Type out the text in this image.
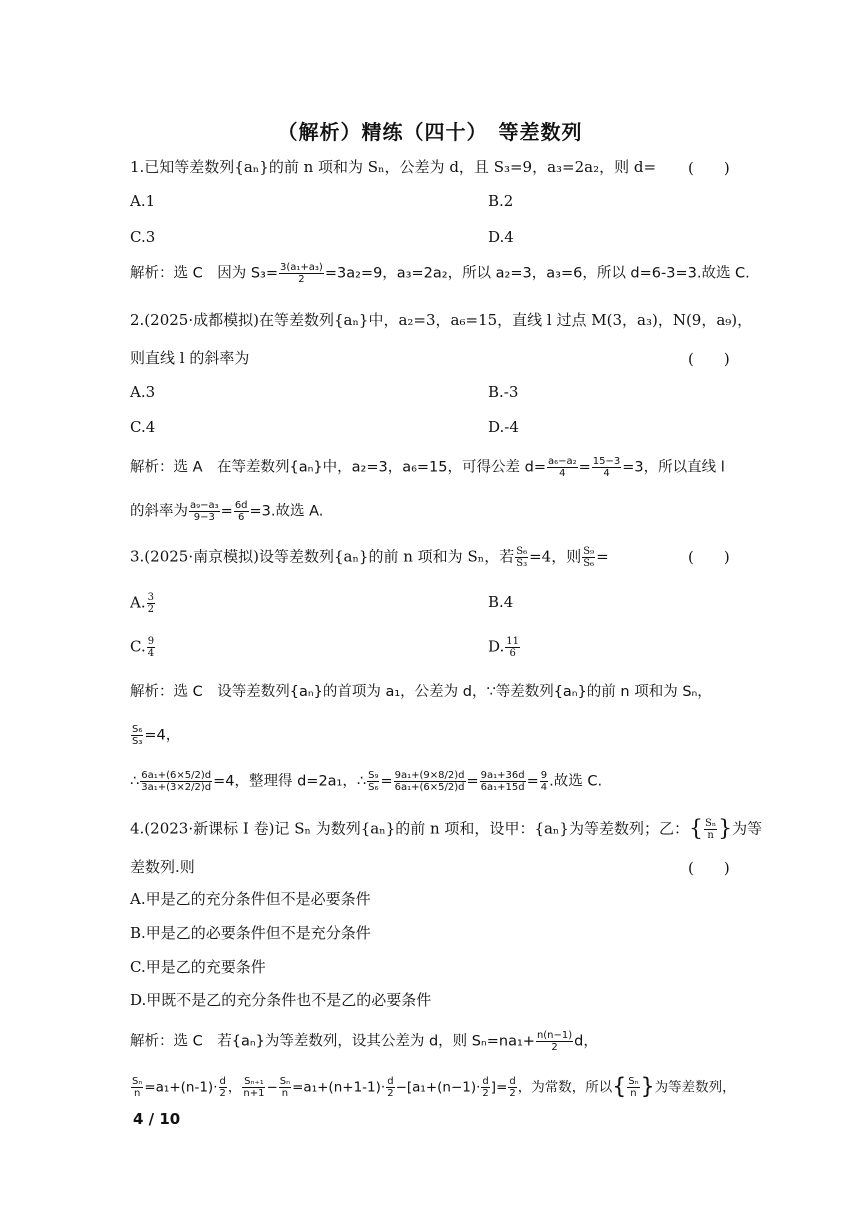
（解析）精练（四十）　等差数列
1.已知等差数列{aₙ}的前 n 项和为 Sₙ，公差为 d，且 S₃=9，a₃=2a₂，则 d= (　　)
A.1	B.2
C.3	D.4
解析：选 C　因为 $S_3= \frac{\text{3(a₁+a₃)}}{2} =3a_2=9$，a₃=2a₂，所以 a₂=3，a₃=6，所以 d=6-3=3.故选 C.
2.(2025·成都模拟)在等差数列{aₙ}中，a₂=3，a₆=15，直线 l 过点 M(3，a₃)，N(9，a₉)，
则直线 l 的斜率为	(　　)
A.3	B.-3
C.4	D.-4
解析：选 A　在等差数列{aₙ}中，a₂=3，a₆=15，可得公差 $d= \frac{\text{a₆−a₂}}{4} = \frac{15-3}{4} =3$，所以直线 l
的斜率为 $\frac{\text{a₉−a₃}}{9-3} = \frac{6d}{6} =3$.故选 A.
3.(2025·南京模拟)设等差数列{aₙ}的前 n 项和为 Sₙ，若 $\frac{\text{S₆}}{\text{S₃}} =4$，则 $\frac{\text{S₉}}{\text{S₆}}$ =	(　　)
A. $\frac{3}{2}$	B.4
C. $\frac{9}{4}$	D. $\frac{11}{6}$
解析：选 C　设等差数列{aₙ}的首项为 a₁，公差为 d，∵等差数列{aₙ}的前 n 项和为 Sₙ，
$\frac{\text{S₆}}{\text{S₃}} =4$，
∴ $\frac{\text{6a₁+(6×5/2)d}}{\text{3a₁+(3×2/2)d}} =4$，整理得 d=2a₁，∴ $\frac{\text{S₉}}{\text{S₆}} = \frac{\text{9a₁+(9×8/2)d}}{\text{6a₁+(6×5/2)d}} = \frac{\text{9a₁+36d}}{\text{6a₁+15d}} = \frac{9}{4}$ .故选 C.
4.(2023·新课标 Ⅰ 卷)记 Sₙ 为数列{aₙ}的前 n 项和，设甲：{aₙ}为等差数列；乙：{ $\frac{\text{Sₙ}}{n}$ }为等
差数列.则	(　　)
A.甲是乙的充分条件但不是必要条件
B.甲是乙的必要条件但不是充分条件
C.甲是乙的充要条件
D.甲既不是乙的充分条件也不是乙的必要条件
解析：选 C　若{aₙ}为等差数列，设其公差为 d，则 $S_n=na_1+ \frac{n(n-1)}{2}$ d，
$\frac{\text{Sₙ}}{n} =a_1+(n-1)\cdot \frac{d}{2}$ ， $\frac{\text{Sₙ₊₁}}{n+1} - \frac{\text{Sₙ}}{n} =a_1+(n+1-1)\cdot \frac{d}{2} -[a_1+(n-1)\cdot \frac{d}{2}$ ]= $\frac{d}{2}$ ，为常数，所以{ $\frac{\text{Sₙ}}{n}$ }为等差数列，
4 / 10
